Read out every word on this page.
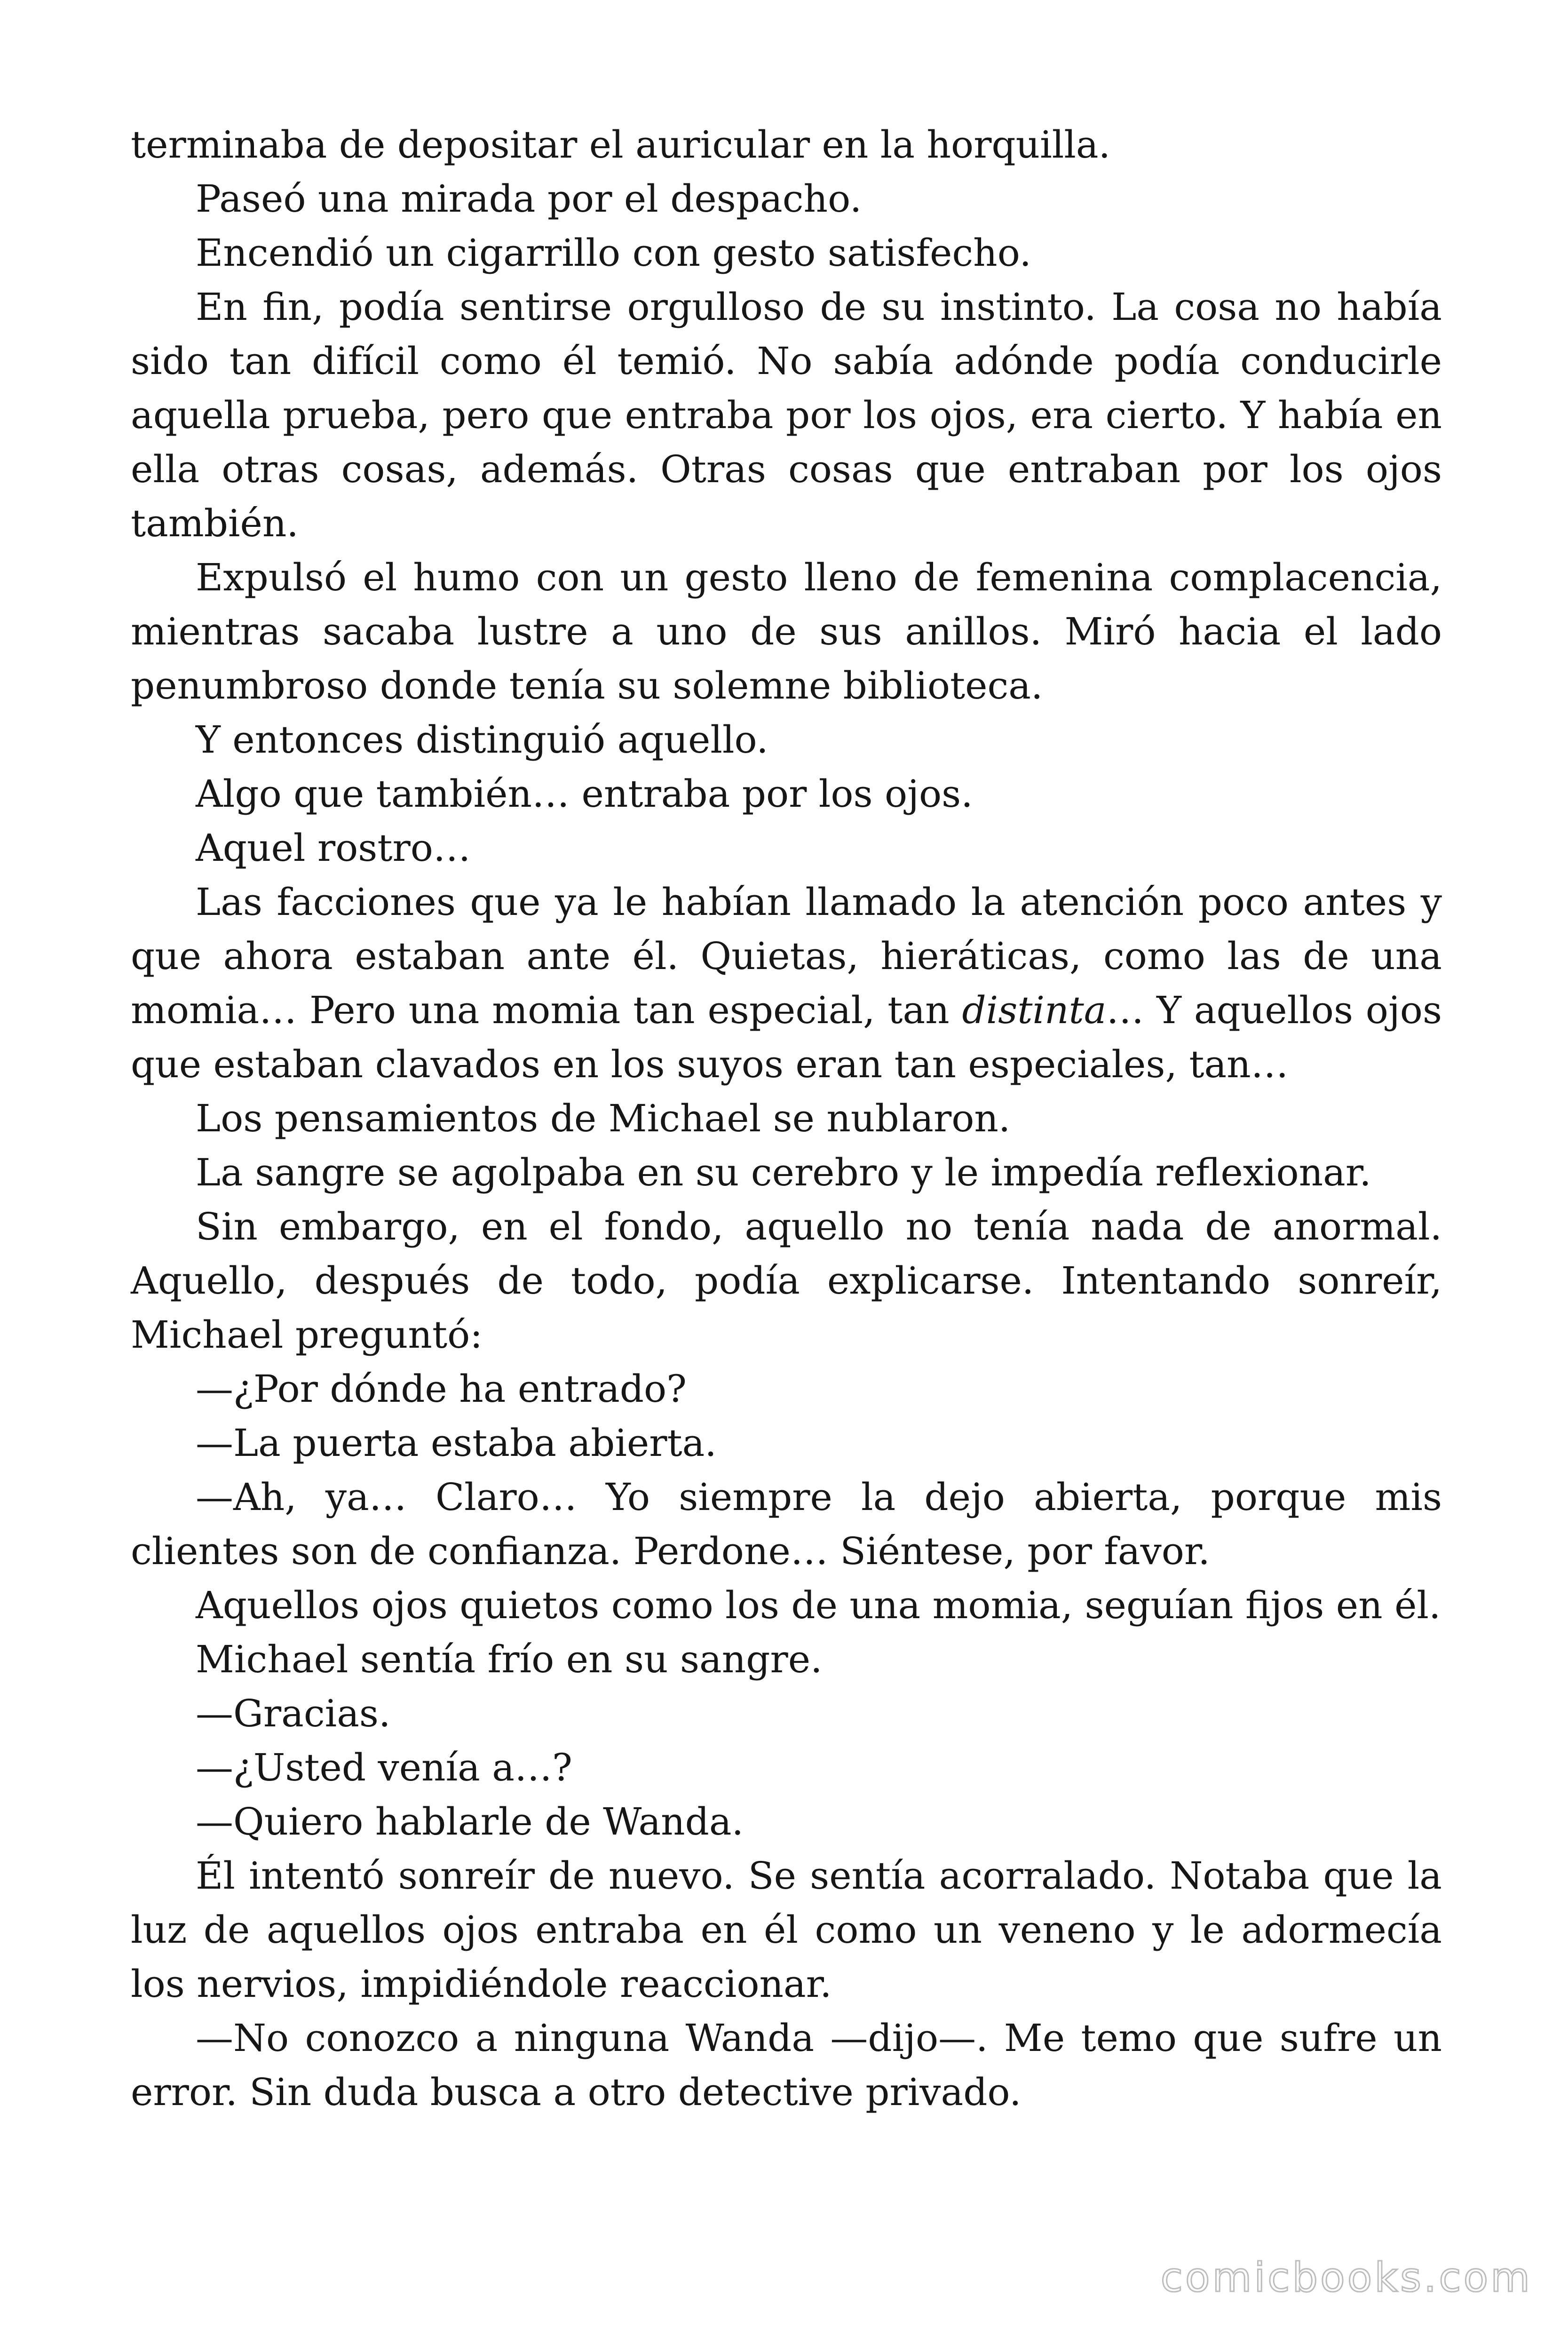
terminaba de depositar el auricular en la horquilla.

Paseó una mirada por el despacho.

Encendió un cigarrillo con gesto satisfecho.

En fin, podía sentirse orgulloso de su instinto. La cosa no había sido tan difícil como él temió. No sabía adónde podía conducirle aquella prueba, pero que entraba por los ojos, era cierto. Y había en ella otras cosas, además. Otras cosas que entraban por los ojos también.

Expulsó el humo con un gesto lleno de femenina complacencia, mientras sacaba lustre a uno de sus anillos. Miró hacia el lado penumbroso donde tenía su solemne biblioteca.

Y entonces distinguió aquello.

Algo que también… entraba por los ojos.

Aquel rostro…

Las facciones que ya le habían llamado la atención poco antes y que ahora estaban ante él. Quietas, hieráticas, como las de una momia… Pero una momia tan especial, tan distinta… Y aquellos ojos que estaban clavados en los suyos eran tan especiales, tan…

Los pensamientos de Michael se nublaron.

La sangre se agolpaba en su cerebro y le impedía reflexionar.

Sin embargo, en el fondo, aquello no tenía nada de anormal. Aquello, después de todo, podía explicarse. Intentando sonreír, Michael preguntó:

—¿Por dónde ha entrado?

—La puerta estaba abierta.

—Ah, ya… Claro… Yo siempre la dejo abierta, porque mis clientes son de confianza. Perdone… Siéntese, por favor.

Aquellos ojos quietos como los de una momia, seguían fijos en él.

Michael sentía frío en su sangre.

—Gracias.

—¿Usted venía a…?

—Quiero hablarle de Wanda.

Él intentó sonreír de nuevo. Se sentía acorralado. Notaba que la luz de aquellos ojos entraba en él como un veneno y le adormecía los nervios, impidiéndole reaccionar.

—No conozco a ninguna Wanda —dijo—. Me temo que sufre un error. Sin duda busca a otro detective privado.

comicbooks.com
